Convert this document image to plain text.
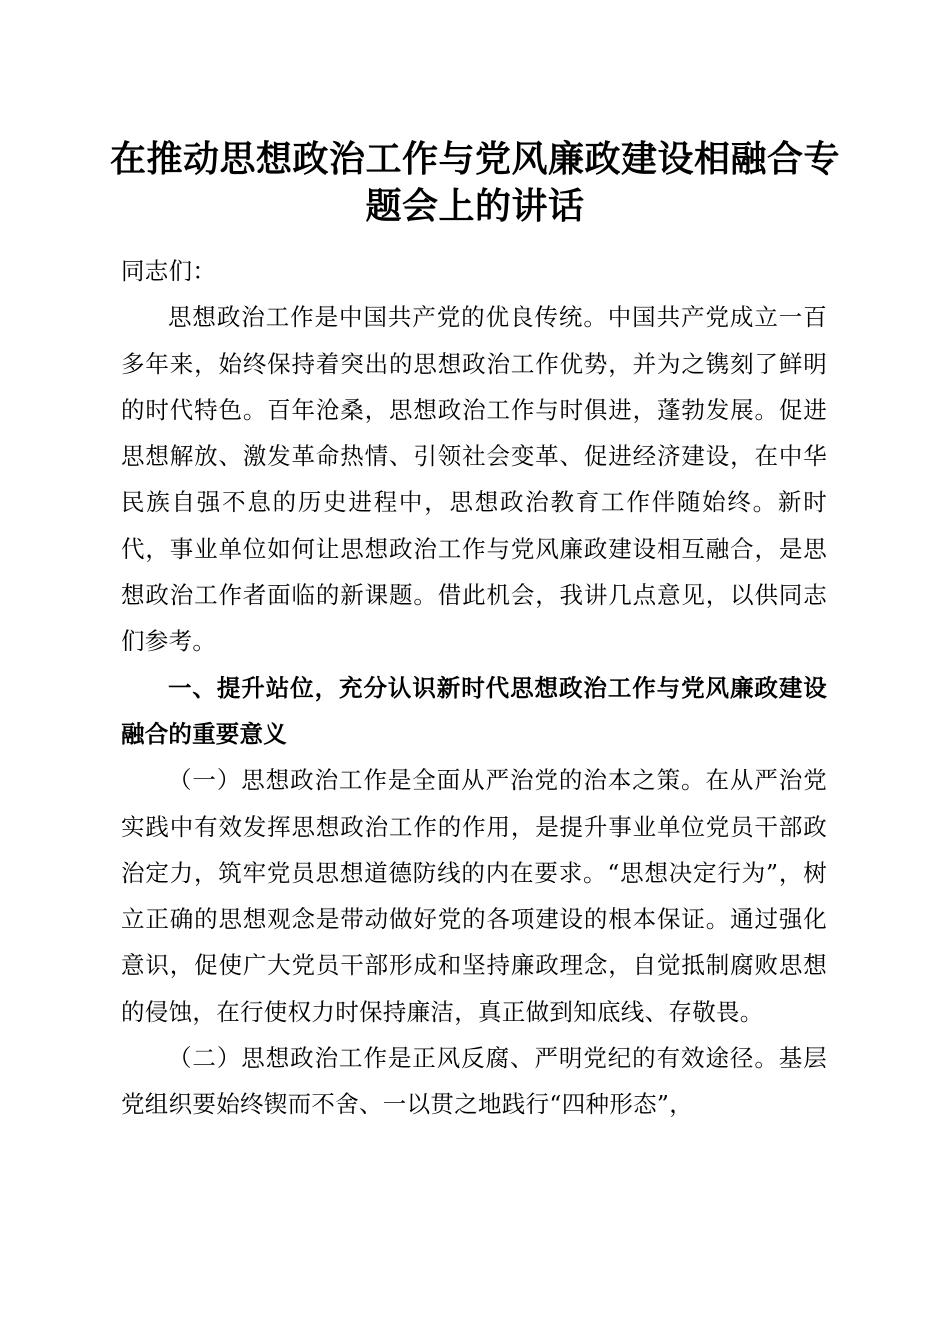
在推动思想政治工作与党风廉政建设相融合专题会上的讲话

同志们：

思想政治工作是中国共产党的优良传统。中国共产党成立一百多年来，始终保持着突出的思想政治工作优势，并为之镌刻了鲜明的时代特色。百年沧桑，思想政治工作与时俱进，蓬勃发展。促进思想解放、激发革命热情、引领社会变革、促进经济建设，在中华民族自强不息的历史进程中，思想政治教育工作伴随始终。新时代，事业单位如何让思想政治工作与党风廉政建设相互融合，是思想政治工作者面临的新课题。借此机会，我讲几点意见，以供同志们参考。

一、提升站位，充分认识新时代思想政治工作与党风廉政建设融合的重要意义

（一）思想政治工作是全面从严治党的治本之策。在从严治党实践中有效发挥思想政治工作的作用，是提升事业单位党员干部政治定力，筑牢党员思想道德防线的内在要求。“思想决定行为”，树立正确的思想观念是带动做好党的各项建设的根本保证。通过强化意识，促使广大党员干部形成和坚持廉政理念，自觉抵制腐败思想的侵蚀，在行使权力时保持廉洁，真正做到知底线、存敬畏。

（二）思想政治工作是正风反腐、严明党纪的有效途径。基层党组织要始终锲而不舍、一以贯之地践行“四种形态”，
